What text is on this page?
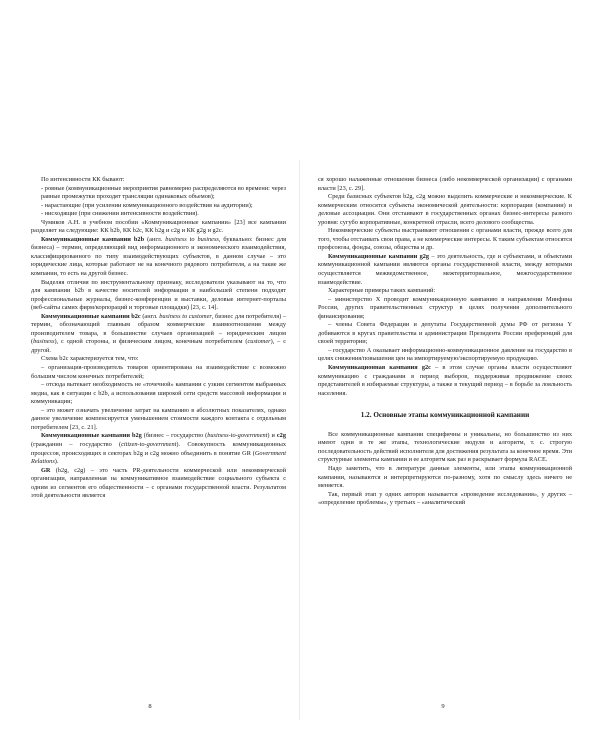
По интенсивности КК бывают:

- ровные (коммуникационные мероприятия равномерно распределяются во времени: через равные промежутки проходят трансляции одинаковых объемов);

- нарастающие (при усилении коммуникационного воздействия на аудитории);

- нисходящие (при снижении интенсивности воздействия).

Чумиков А.Н. в учебном пособии «Коммуникационные кампании» [23] все кампании разделяет на следующие: КК b2b, КК b2c, КК b2g и c2g и КК g2g и g2c.

Коммуникационные кампании b2b (англ. business to business, буквально: бизнес для бизнеса) – термин, определяющий вид информационного и экономического взаимодействия, классифицированного по типу взаимодействующих субъектов, в данном случае – это юридические лица, которые работают не на конечного рядового потребителя, а на такие же компании, то есть на другой бизнес.

Выделяя отличия по инструментальному признаку, исследователи указывают на то, что для кампании b2b в качестве носителей информации в наибольшей степени подходят профессиональные журналы, бизнес-конференции и выставки, деловые интернет-порталы (веб-сайты самих фирм/корпораций и торговые площадки) [23, с. 14].

Коммуникационные кампании b2c (англ. business to customer, бизнес для потребителя) – термин, обозначающий главным образом коммерческие взаимоотношения между производителем товара, в большинстве случаев организацией – юридическим лицом (business), с одной стороны, и физическим лицом, конечным потребителем (customer), – с другой.

Схема b2c характеризуется тем, что:

– организация-производитель товаров ориентирована на взаимодействие с возможно большим числом конечных потребителей;

– отсюда вытекает необходимость не «точечной» кампании с узким сегментом выбранных медиа, как в ситуации с b2b, а использования широкой сети средств массовой информации и коммуникации;

– это может означать увеличение затрат на кампанию в абсолютных показателях, однако данное увеличение компенсируется уменьшением стоимости каждого контакта с отдельным потребителем [23, с. 21].

Коммуникационные кампании b2g (бизнес – государство (business-to-government) и c2g (гражданин – государство (citizen-to-government). Совокупность коммуникационных процессов, происходящих в секторах b2g и c2g можно объединить в понятие GR (Government Relations).

GR (b2g, c2g) – это часть PR-деятельности коммерческой или некоммерческой организации, направленная на коммуникативное взаимодействие социального субъекта с одним из сегментов его общественности – с органами государственной власти. Результатом этой деятельности является

8

ся хорошо налаженные отношения бизнеса (либо некоммерческой организации) с органами власти [23, с. 29].

Среди базисных субъектов b2g, c2g можно выделить коммерческие и некоммерческие. К коммерческим относятся субъекты экономической деятельности: корпорации (компании) и деловые ассоциации. Они отстаивают в государственных органах бизнес-интересы разного уровня: сугубо корпоративные, конкретной отрасли, всего делового сообщества.

Некоммерческие субъекты выстраивают отношения с органами власти, прежде всего для того, чтобы отстаивать свои права, а не коммерческие интересы. К таким субъектам относятся профсоюзы, фонды, союзы, общества и др.

Коммуникационные кампании g2g – это деятельность, где и субъектами, и объектами коммуникационной кампании являются органы государственной власти, между которыми осуществляется межведомственное, межтерриториальное, межгосударственное взаимодействие.

Характерные примеры таких кампаний:

– министерство Х проводит коммуникационную кампанию в направлении Минфина России, других правительственных структур в целях получения дополнительного финансирования;

– члены Совета Федерации и депутаты Государственной думы РФ от региона Y добиваются в кругах правительства и администрации Президента России преференций для своей территории;

– государство А оказывает информационно-коммуникационное давление на государство в целях снижения/повышения цен на импортируемую/экспортируемую продукцию.

Коммуникационная кампания g2c – в этом случае органы власти осуществляют коммуникацию с гражданами в период выборов, поддерживая продвижение своих представителей в избираемые структуры, а также в текущий период – в борьбе за лояльность населения.

1.2. Основные этапы коммуникационной кампании

Все коммуникационные кампании специфичны и уникальны, но большинство из них имеют одни и те же этапы, технологические модули и алгоритм, т. с. строгую последовательность действий исполнителя для достижения результата за конечное время. Эти структурные элементы кампании и ее алгоритм как раз и раскрывает формула RACE.

Надо заметить, что в литературе данные элементы, или этапы коммуникационной кампании, называются и интерпретируются по-разному, хотя по смыслу здесь ничего не меняется.

Так, первый этап у одних авторов называется «проведение исследования», у других – «определение проблемы», у третьих – «аналитический

9
